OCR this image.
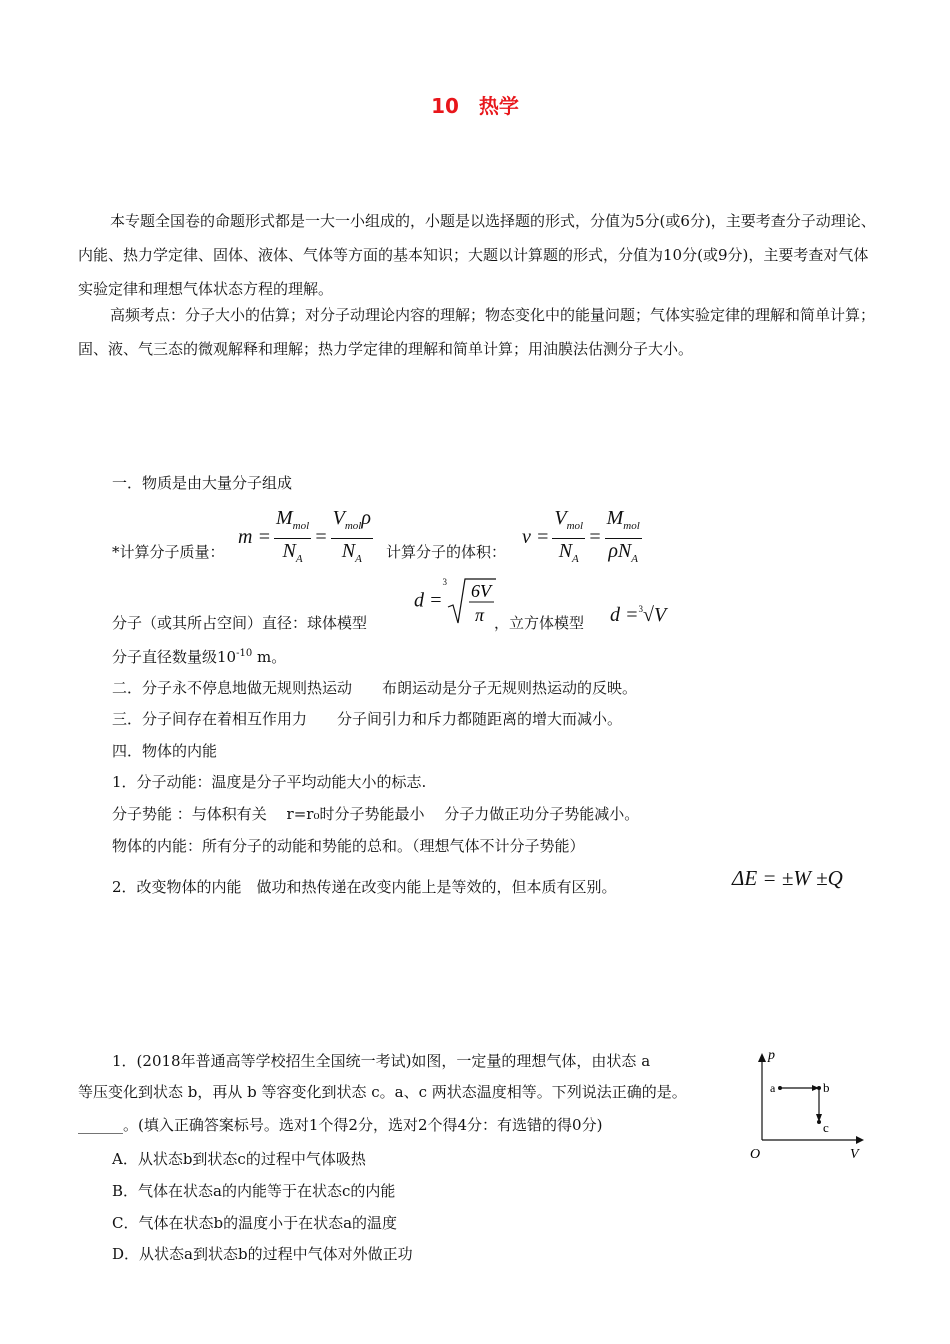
10　热学
本专题全国卷的命题形式都是一大一小组成的，小题是以选择题的形式，分值为5分(或6分)，主要考查分子动理论、内能、热力学定律、固体、液体、气体等方面的基本知识；大题以计算题的形式，分值为10分(或9分)，主要考查对气体实验定律和理想气体状态方程的理解。
高频考点：分子大小的估算；对分子动理论内容的理解；物态变化中的能量问题；气体实验定律的理解和简单计算；固、液、气三态的微观解释和理解；热力学定律的理解和简单计算；用油膜法估测分子大小。
一．物质是由大量分子组成
*计算分子质量：
$m = \frac{M_{mol}}{N_A} = \frac{V_{mol}\rho}{N_A}$ 计算分子的体积：
$v = \frac{V_{mol}}{N_A} = \frac{M_{mol}}{\rho N_A}$
分子（或其所占空间）直径：球体模型
d =$^3$ 6V
π ，立方体模型 d =$^3$√V
分子直径数量级$10^{-10}$ m。
二．分子永不停息地做无规则热运动　　布朗运动是分子无规则热运动的反映。
三．分子间存在着相互作用力　　分子间引力和斥力都随距离的增大而减小。
四．物体的内能
1．分子动能：温度是分子平均动能大小的标志.
分子势能 ：与体积有关　 r=r₀时分子势能最小　 分子力做正功分子势能减小。
物体的内能：所有分子的动能和势能的总和。（理想气体不计分子势能）
2．改变物体的内能　做功和热传递在改变内能上是等效的，但本质有区别。	ΔE = ±W ±Q
1．(2018年普通高等学校招生全国统一考试)如图，一定量的理想气体，由状态 a
等压变化到状态 b，再从 b 等容变化到状态 c。a、c 两状态温度相等。下列说法正确的是。
______。(填入正确答案标号。选对1个得2分，选对2个得4分：有选错的得0分)
A．从状态b到状态c的过程中气体吸热
B．气体在状态a的内能等于在状态c的内能
C．气体在状态b的温度小于在状态a的温度
D．从状态a到状态b的过程中气体对外做正功
p
V
O
a	b
c
